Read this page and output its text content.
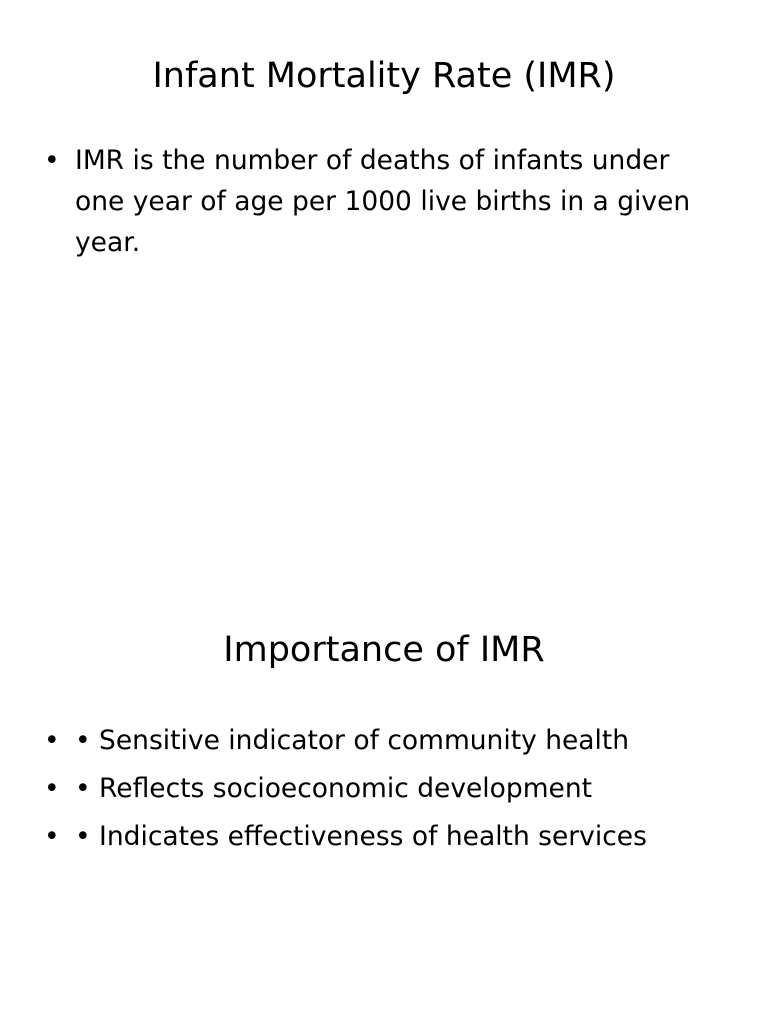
Infant Mortality Rate (IMR)
• IMR is the number of deaths of infants under one year of age per 1000 live births in a given year.
Importance of IMR
• • Sensitive indicator of community health
• • Reflects socioeconomic development
• • Indicates effectiveness of health services
